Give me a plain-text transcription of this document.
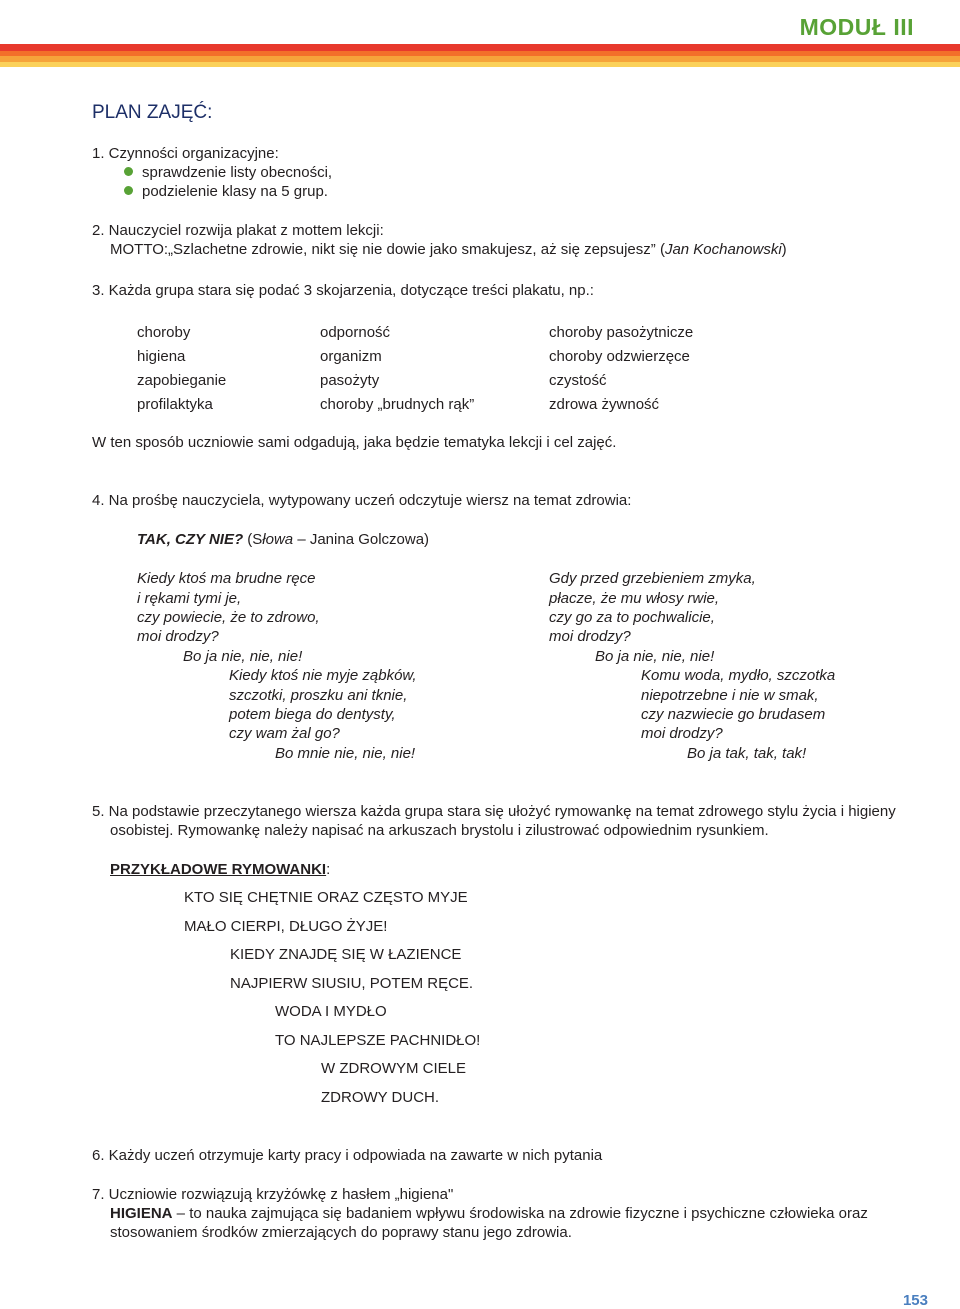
MODUŁ III
PLAN ZAJĘĆ:
1. Czynności organizacyjne:
sprawdzenie listy obecności,
podzielenie klasy na 5 grup.
2. Nauczyciel rozwija plakat z mottem lekcji:
MOTTO:„Szlachetne zdrowie, nikt się nie dowie jako smakujesz, aż się zepsujesz” (Jan Kochanowski)
3. Każda grupa stara się podać 3 skojarzenia, dotyczące treści plakatu, np.:
choroby
higiena
zapobieganie
profilaktyka
odporność
organizm
pasożyty
choroby „brudnych rąk”
choroby pasożytnicze
choroby odzwierzęce
czystość
zdrowa żywność
W ten sposób uczniowie sami odgadują, jaka będzie tematyka lekcji i cel zajęć.
4. Na prośbę nauczyciela, wytypowany uczeń odczytuje wiersz na temat zdrowia:
TAK, CZY NIE? (Słowa – Janina Golczowa)
Kiedy ktoś ma brudne ręce
i rękami tymi je,
czy powiecie, że to zdrowo,
moi drodzy?
Bo ja nie, nie, nie!
Kiedy ktoś nie myje ząbków,
szczotki, proszku ani tknie,
potem biega do dentysty,
czy wam żal go?
Bo mnie nie, nie, nie!
Gdy przed grzebieniem zmyka,
płacze, że mu włosy rwie,
czy go za to pochwalicie,
moi drodzy?
Bo ja nie, nie, nie!
Komu woda, mydło, szczotka
niepotrzebne i nie w smak,
czy nazwiecie go brudasem
moi drodzy?
Bo ja tak, tak, tak!
5. Na podstawie przeczytanego wiersza każda grupa stara się ułożyć rymowankę na temat zdrowego stylu życia i higieny
osobistej. Rymowankę należy napisać na arkuszach brystolu i zilustrować odpowiednim rysunkiem.
PRZYKŁADOWE RYMOWANKI:
KTO SIĘ CHĘTNIE ORAZ CZĘSTO MYJE
MAŁO CIERPI, DŁUGO ŻYJE!
KIEDY ZNAJDĘ SIĘ W ŁAZIENCE
NAJPIERW SIUSIU, POTEM RĘCE.
WODA I MYDŁO
TO NAJLEPSZE PACHNIDŁO!
W ZDROWYM CIELE
ZDROWY DUCH.
6. Każdy uczeń otrzymuje karty pracy i odpowiada na zawarte w nich pytania
7. Uczniowie rozwiązują krzyżówkę z hasłem „higiena"
HIGIENA – to nauka zajmująca się badaniem wpływu środowiska na zdrowie fizyczne i psychiczne człowieka oraz
stosowaniem środków zmierzających do poprawy stanu jego zdrowia.
153
